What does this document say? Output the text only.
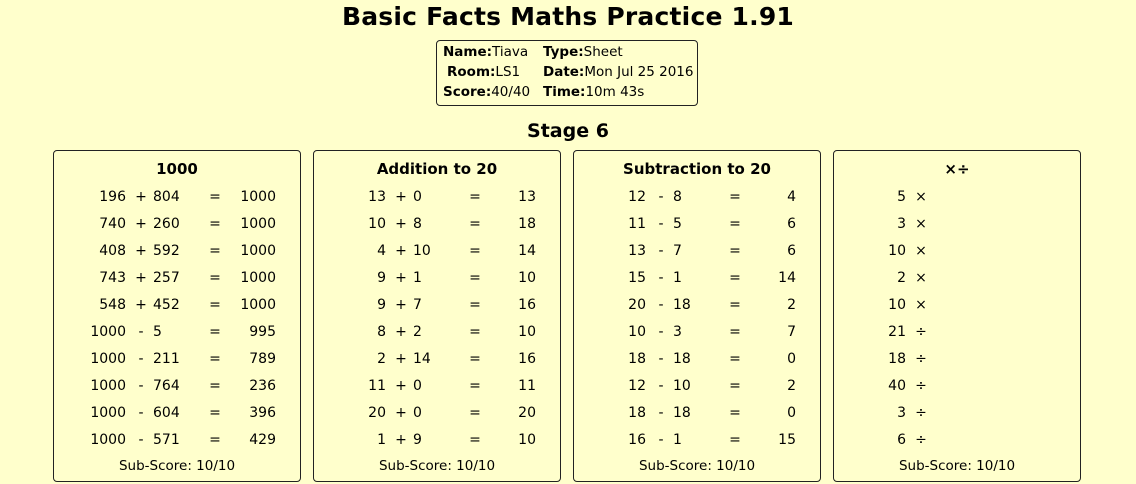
Basic Facts Maths Practice 1.91
Name:Tiava Type:Sheet
Room:LS1 Date:Mon Jul 25 2016
Score:40/40 Time:10m 43s
Stage 6
1000
196 + 804	=	1000
740 + 260	=	1000
408 + 592	=	1000
743 + 257	=	1000
548 + 452	=	1000
1000 - 5	=	995
1000 - 211	=	789
1000 - 764	=	236
1000 - 604	=	396
1000 - 571	=	429
Sub-Score: 10/10
Addition to 20
13 + 0	=	13
10 + 8	=	18
4 + 10	=	14
9 + 1	=	10
9 + 7	=	16
8 + 2	=	10
2 + 14	=	16
11 + 0	=	11
20 + 0	=	20
1 + 9	=	10
Sub-Score: 10/10
Subtraction to 20
12 - 8	=	4
11 - 5	=	6
13 - 7	=	6
15 - 1	=	14
20 - 18	=	2
10 - 3	=	7
18 - 18	=	0
12 - 10	=	2
18 - 18	=	0
16 - 1	=	15
Sub-Score: 10/10
×÷
5 ×
3 ×
10 ×
2 ×
10 ×
21 ÷
18 ÷
40 ÷
3 ÷
6 ÷
Sub-Score: 10/10
